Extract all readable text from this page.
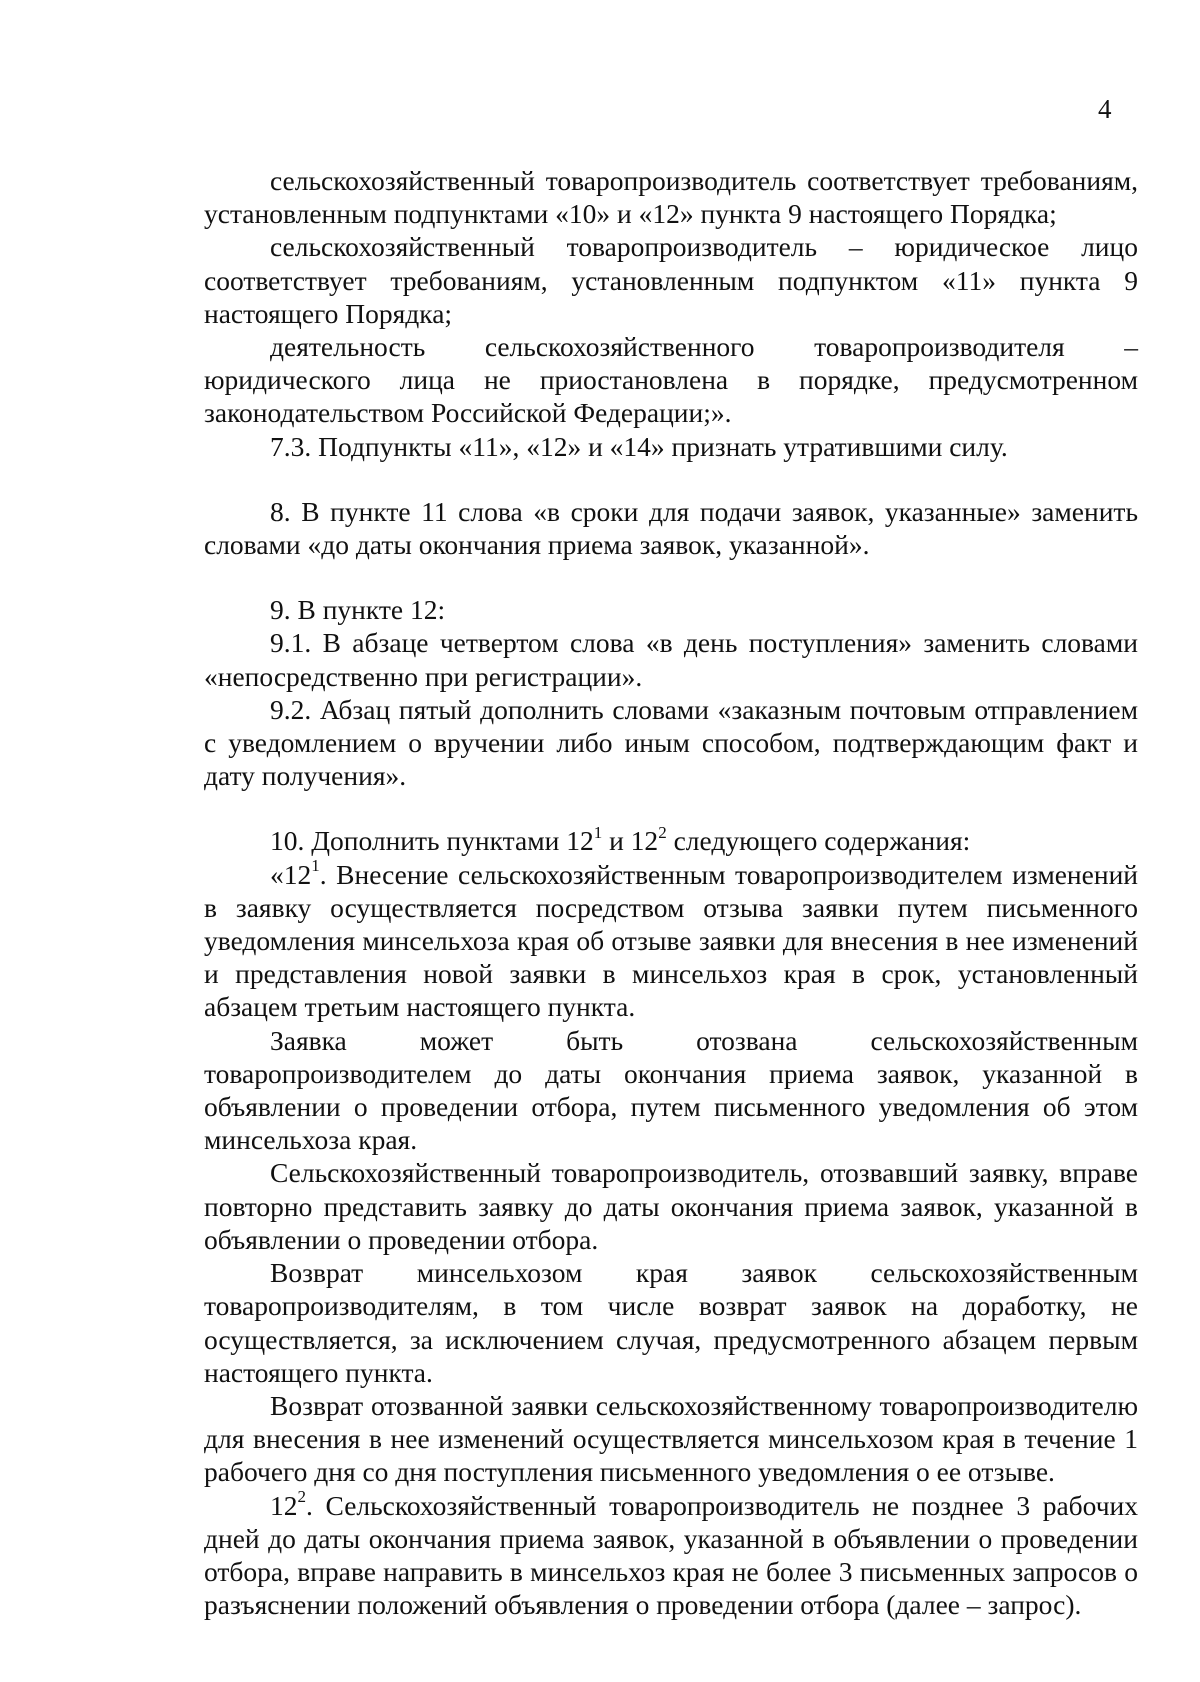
4

сельскохозяйственный товаропроизводитель соответствует требованиям, установленным подпунктами «10» и «12» пункта 9 настоящего Порядка;

сельскохозяйственный товаропроизводитель – юридическое лицо соответствует требованиям, установленным подпунктом «11» пункта 9 настоящего Порядка;

деятельность сельскохозяйственного товаропроизводителя – юридического лица не приостановлена в порядке, предусмотренном законодательством Российской Федерации;».

7.3. Подпункты «11», «12» и «14» признать утратившими силу.

8. В пункте 11 слова «в сроки для подачи заявок, указанные» заменить словами «до даты окончания приема заявок, указанной».

9. В пункте 12:

9.1. В абзаце четвертом слова «в день поступления» заменить словами «непосредственно при регистрации».

9.2. Абзац пятый дополнить словами «заказным почтовым отправлением с уведомлением о вручении либо иным способом, подтверждающим факт и дату получения».

10. Дополнить пунктами $12^1$ и $12^2$ следующего содержания:

«$12^1$. Внесение сельскохозяйственным товаропроизводителем изменений в заявку осуществляется посредством отзыва заявки путем письменного уведомления минсельхоза края об отзыве заявки для внесения в нее изменений и представления новой заявки в минсельхоз края в срок, установленный абзацем третьим настоящего пункта.

Заявка может быть отозвана сельскохозяйственным товаропроизводителем до даты окончания приема заявок, указанной в объявлении о проведении отбора, путем письменного уведомления об этом минсельхоза края.

Сельскохозяйственный товаропроизводитель, отозвавший заявку, вправе повторно представить заявку до даты окончания приема заявок, указанной в объявлении о проведении отбора.

Возврат минсельхозом края заявок сельскохозяйственным товаропроизводителям, в том числе возврат заявок на доработку, не осуществляется, за исключением случая, предусмотренного абзацем первым настоящего пункта.

Возврат отозванной заявки сельскохозяйственному товаропроизводителю для внесения в нее изменений осуществляется минсельхозом края в течение 1 рабочего дня со дня поступления письменного уведомления о ее отзыве.

$12^2$. Сельскохозяйственный товаропроизводитель не позднее 3 рабочих дней до даты окончания приема заявок, указанной в объявлении о проведении отбора, вправе направить в минсельхоз края не более 3 письменных запросов о разъяснении положений объявления о проведении отбора (далее – запрос).
